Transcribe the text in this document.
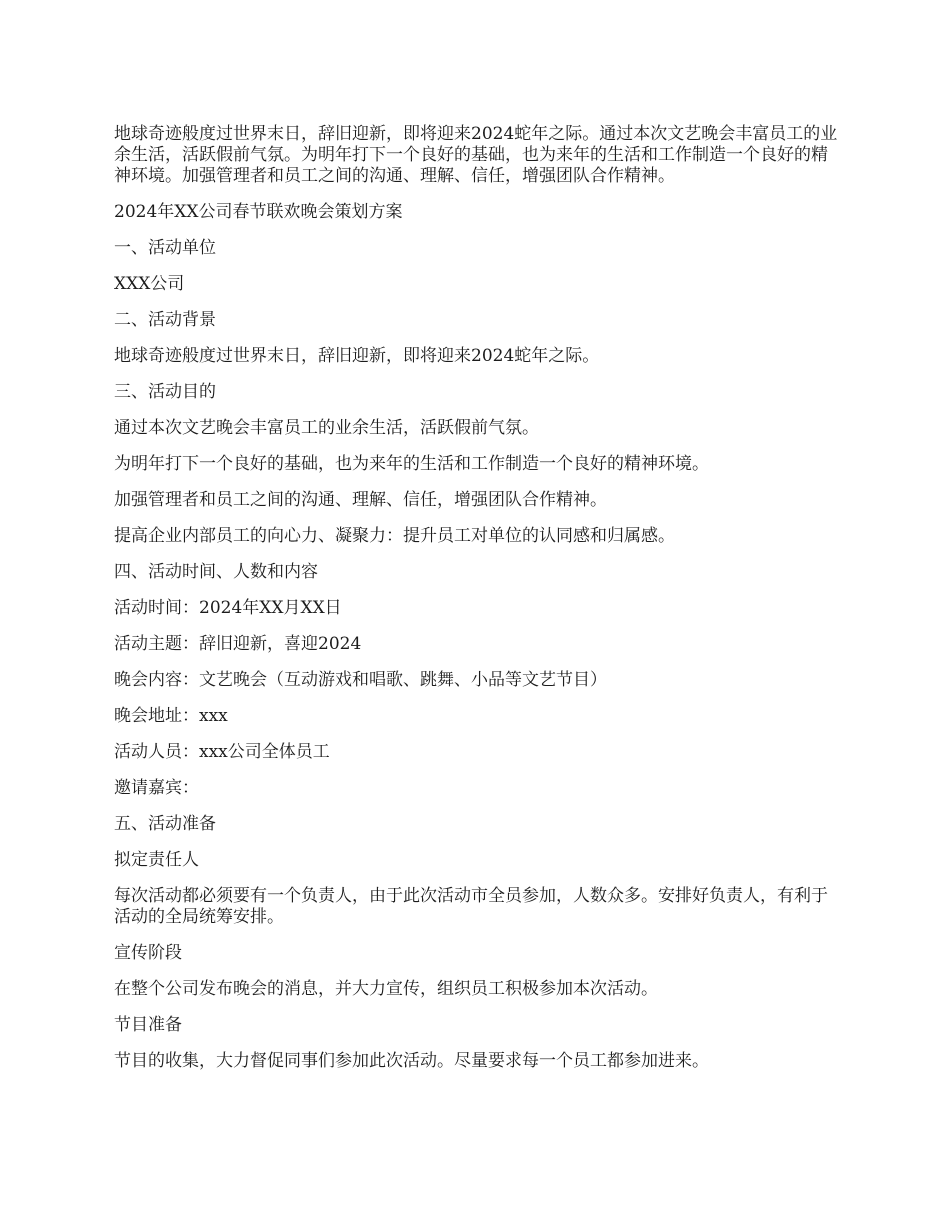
地球奇迹般度过世界末日，辞旧迎新，即将迎来2024蛇年之际。通过本次文艺晚会丰富员工的业余生活，活跃假前气氛。为明年打下一个良好的基础，也为来年的生活和工作制造一个良好的精神环境。加强管理者和员工之间的沟通、理解、信任，增强团队合作精神。

2024年XX公司春节联欢晚会策划方案

一、活动单位

XXX公司

二、活动背景

地球奇迹般度过世界末日，辞旧迎新，即将迎来2024蛇年之际。

三、活动目的

通过本次文艺晚会丰富员工的业余生活，活跃假前气氛。

为明年打下一个良好的基础，也为来年的生活和工作制造一个良好的精神环境。

加强管理者和员工之间的沟通、理解、信任，增强团队合作精神。

提高企业内部员工的向心力、凝聚力：提升员工对单位的认同感和归属感。

四、活动时间、人数和内容

活动时间：2024年XX月XX日

活动主题：辞旧迎新，喜迎2024

晚会内容：文艺晚会（互动游戏和唱歌、跳舞、小品等文艺节目）

晚会地址：xxx

活动人员：xxx公司全体员工

邀请嘉宾：

五、活动准备

拟定责任人

每次活动都必须要有一个负责人，由于此次活动市全员参加，人数众多。安排好负责人，有利于活动的全局统筹安排。

宣传阶段

在整个公司发布晚会的消息，并大力宣传，组织员工积极参加本次活动。

节目准备

节目的收集，大力督促同事们参加此次活动。尽量要求每一个员工都参加进来。
